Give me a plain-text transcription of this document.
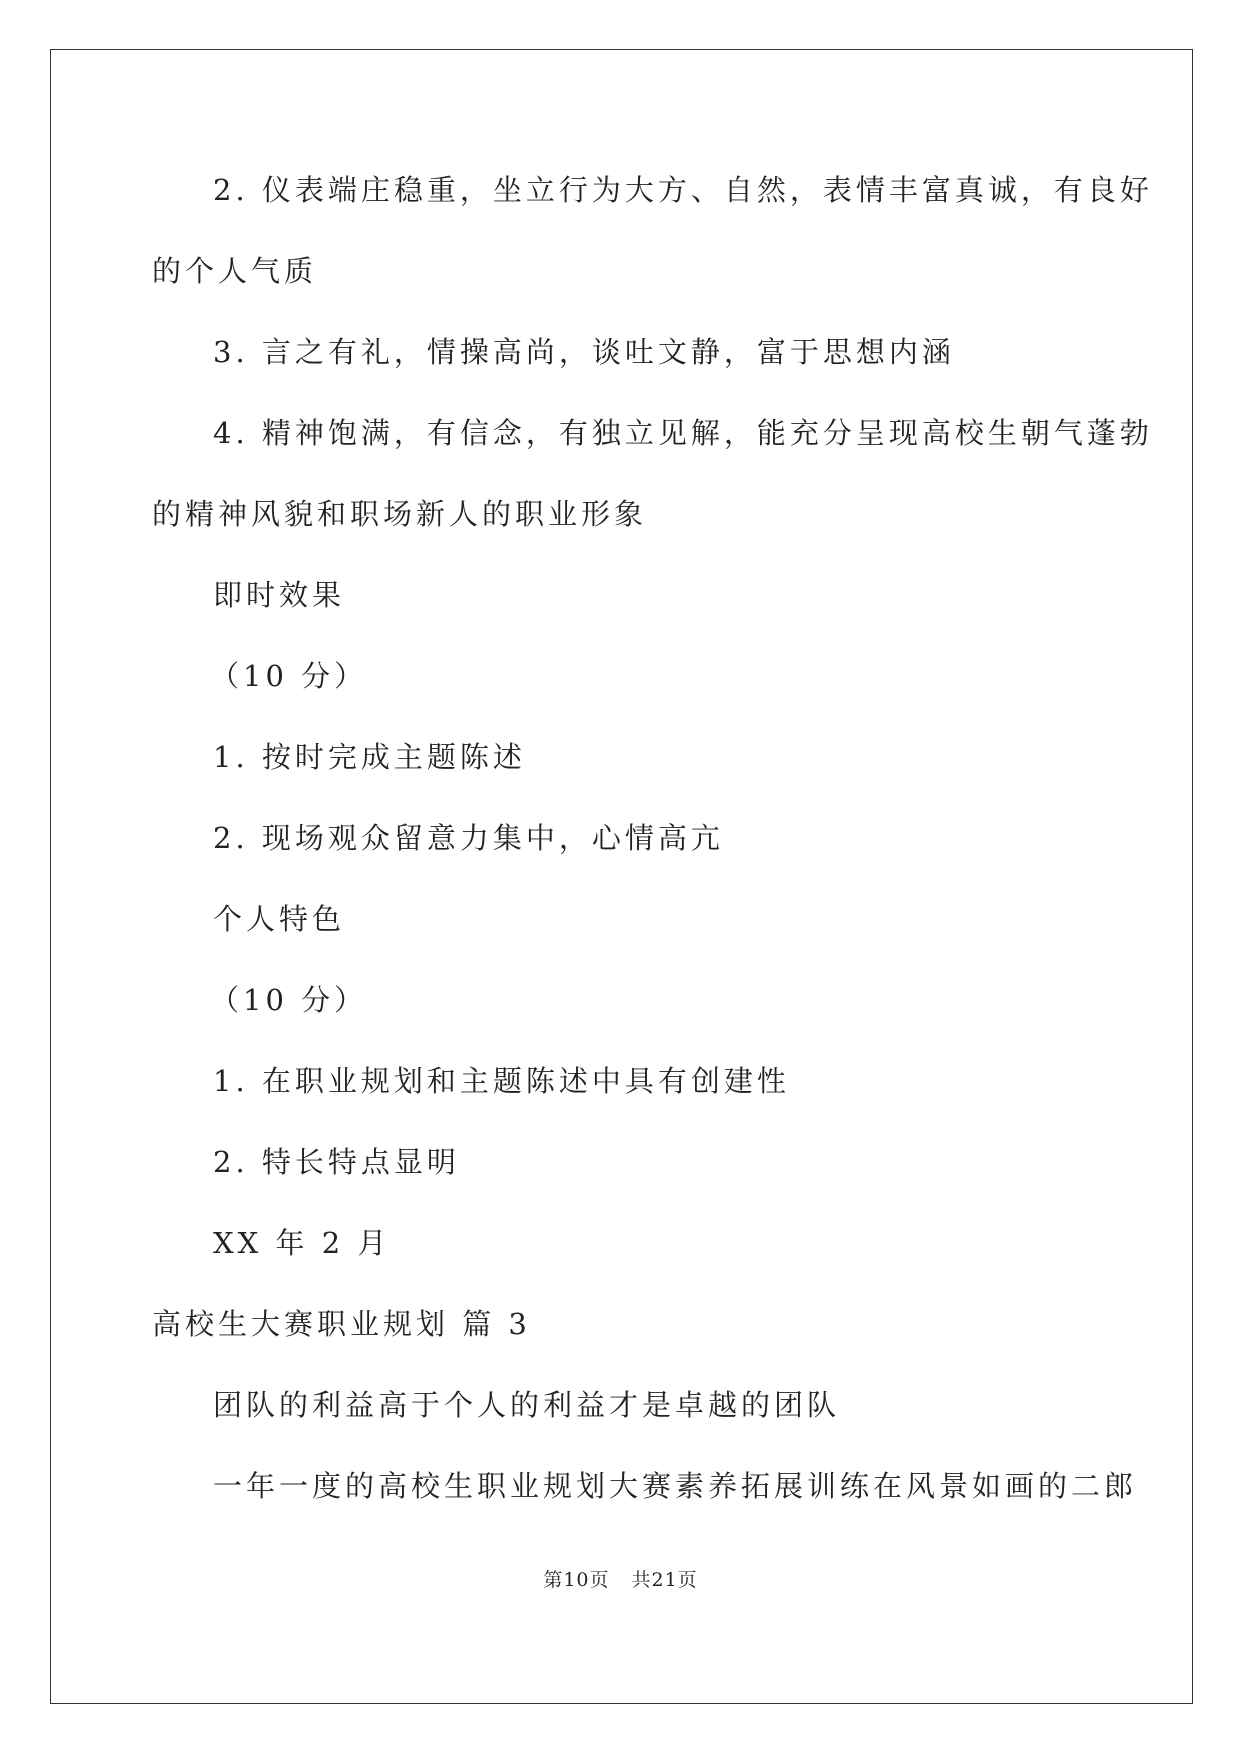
2. 仪表端庄稳重，坐立行为大方、自然，表情丰富真诚，有良好
的个人气质
3. 言之有礼，情操高尚，谈吐文静，富于思想内涵
4. 精神饱满，有信念，有独立见解，能充分呈现高校生朝气蓬勃
的精神风貌和职场新人的职业形象
即时效果
（10 分）
1. 按时完成主题陈述
2. 现场观众留意力集中，心情高亢
个人特色
（10 分）
1. 在职业规划和主题陈述中具有创建性
2. 特长特点显明
XX 年 2 月
高校生大赛职业规划 篇 3
团队的利益高于个人的利益才是卓越的团队
一年一度的高校生职业规划大赛素养拓展训练在风景如画的二郎
第10页 共21页
